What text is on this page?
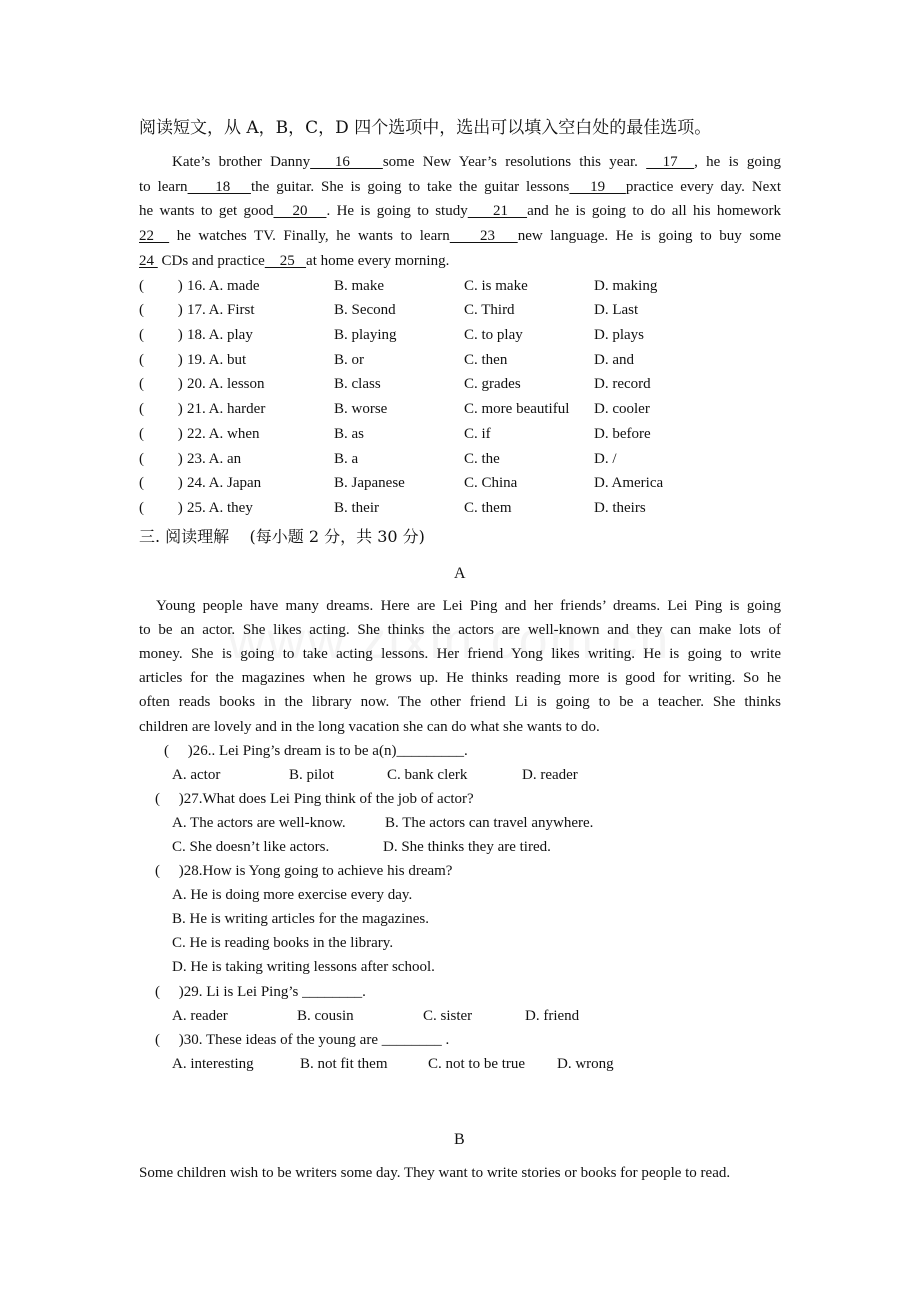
阅读短文，从 A，B，C，D 四个选项中，选出可以填入空白处的最佳选项。
Kate’s brother Danny   16    some New Year’s resolutions this year.   17  , he is going
to learn    18   the guitar. She is going to take the guitar lessons   19   practice every day. Next
he wants to get good   20   . He is going to study    21   and he is going to do all his homework
22   he watches TV. Finally, he wants to learn    23   new language. He is going to buy some
24  CDs and practice    25   at home every morning.
(         ) 16. A. made	B. make	C. is make	D. making
(         ) 17. A. First	B. Second	C. Third	D. Last
(         ) 18. A. play	B. playing	C. to play	D. plays
(         ) 19. A. but	B. or	C. then	D. and
(         ) 20. A. lesson	B. class	C. grades	D. record
(         ) 21. A. harder	B. worse	C. more beautiful D. cooler
(         ) 22. A. when	B. as	C. if	D. before
(         ) 23. A. an	B. a	C. the	D. /
(         ) 24. A. Japan	B. Japanese	C. China	D. America
(         ) 25. A. they	B. their	C. them	D. theirs
三. 阅读理解    (每小题 2 分，共 30 分)
A
Young people have many dreams. Here are Lei Ping and her friends’ dreams. Lei Ping is going
to be an actor. She likes acting. She thinks the actors are well-known and they can make lots of
money. She is going to take acting lessons. Her friend Yong likes writing. He is going to write
articles for the magazines when he grows up. He thinks reading more is good for writing. So he
often reads books in the library now. The other friend Li is going to be a teacher. She thinks
children are lovely and in the long vacation she can do what she wants to do.
(     )26.. Lei Ping’s dream is to be a(n)_________.
A. actor	B. pilot	C. bank clerk	D. reader
(     )27.What does Lei Ping think of the job of actor?
A. The actors are well-know.	B. The actors can travel anywhere.
C. She doesn’t like actors.	D. She thinks they are tired.
(     )28.How is Yong going to achieve his dream?
A. He is doing more exercise every day.
B. He is writing articles for the magazines.
C. He is reading books in the library.
D. He is taking writing lessons after school.
(     )29. Li is Lei Ping’s ________.
A. reader	B. cousin	C. sister	D. friend
(     )30. These ideas of the young are ________ .
A. interesting	B. not fit them	C. not to be true D. wrong
B
Some children wish to be writers some day. They want to write stories or books for people to read.
